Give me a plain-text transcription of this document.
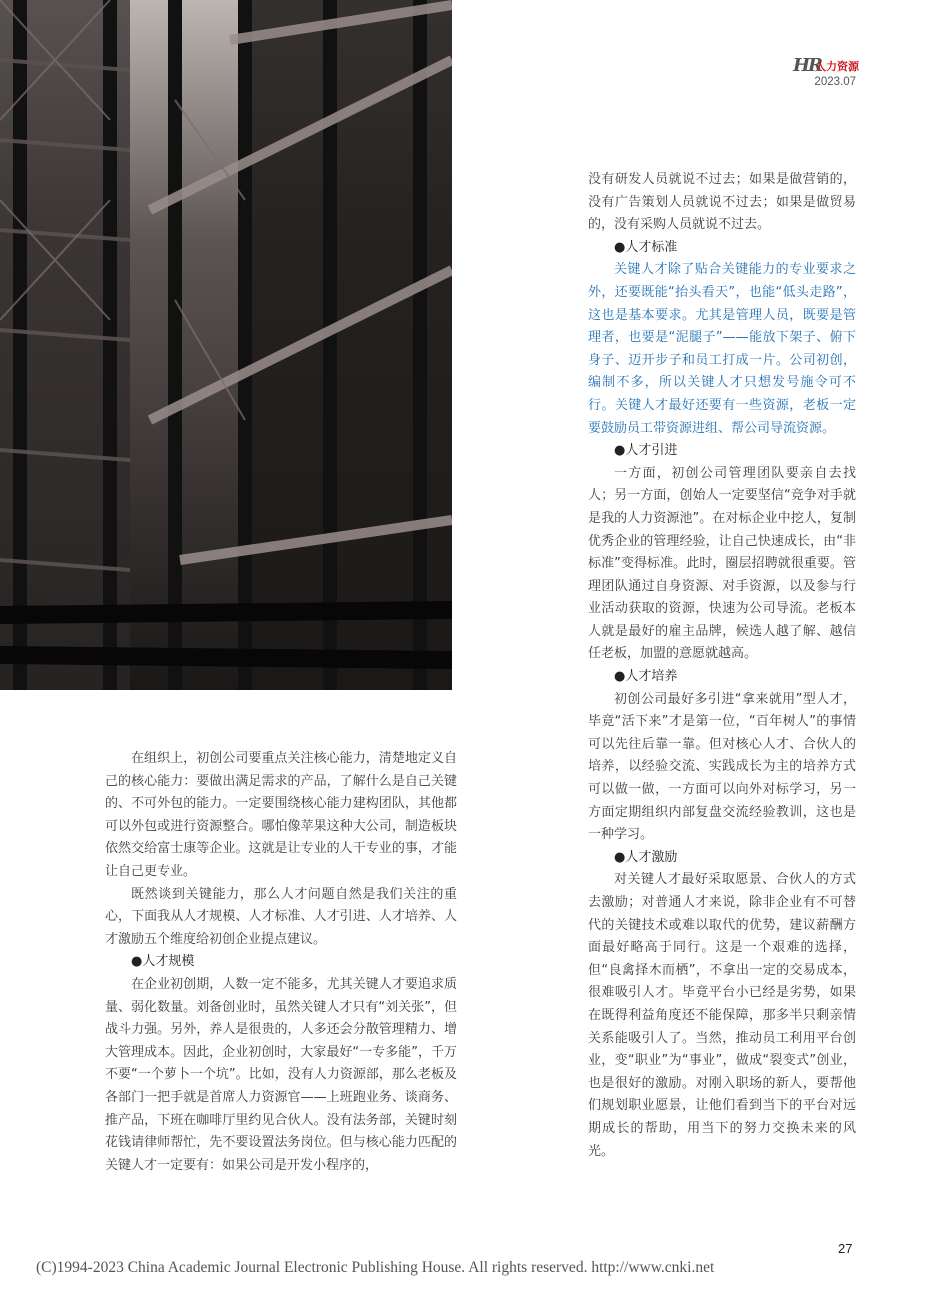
HR
人力资源
2023.07

在组织上，初创公司要重点关注核心能力，清楚地定义自己的核心能力：要做出满足需求的产品，了解什么是自己关键的、不可外包的能力。一定要围绕核心能力建构团队，其他都可以外包或进行资源整合。哪怕像苹果这种大公司，制造板块依然交给富士康等企业。这就是让专业的人干专业的事，才能让自己更专业。

既然谈到关键能力，那么人才问题自然是我们关注的重心，下面我从人才规模、人才标准、人才引进、人才培养、人才激励五个维度给初创企业提点建议。

●人才规模

在企业初创期，人数一定不能多，尤其关键人才要追求质量、弱化数量。刘备创业时，虽然关键人才只有“刘关张”，但战斗力强。另外，养人是很贵的，人多还会分散管理精力、增大管理成本。因此，企业初创时，大家最好“一专多能”，千万不要“一个萝卜一个坑”。比如，没有人力资源部，那么老板及各部门一把手就是首席人力资源官——上班跑业务、谈商务、推产品，下班在咖啡厅里约见合伙人。没有法务部，关键时刻花钱请律师帮忙，先不要设置法务岗位。但与核心能力匹配的关键人才一定要有：如果公司是开发小程序的，

没有研发人员就说不过去；如果是做营销的，没有广告策划人员就说不过去；如果是做贸易的，没有采购人员就说不过去。

●人才标准

关键人才除了贴合关键能力的专业要求之外，还要既能“抬头看天”，也能“低头走路”，这也是基本要求。尤其是管理人员，既要是管理者，也要是“泥腿子”——能放下架子、俯下身子、迈开步子和员工打成一片。公司初创，编制不多，所以关键人才只想发号施令可不行。关键人才最好还要有一些资源，老板一定要鼓励员工带资源进组、帮公司导流资源。

●人才引进

一方面，初创公司管理团队要亲自去找人；另一方面，创始人一定要坚信“竞争对手就是我的人力资源池”。在对标企业中挖人，复制优秀企业的管理经验，让自己快速成长，由“非标准”变得标准。此时，圈层招聘就很重要。管理团队通过自身资源、对手资源，以及参与行业活动获取的资源，快速为公司导流。老板本人就是最好的雇主品牌，候选人越了解、越信任老板，加盟的意愿就越高。

●人才培养

初创公司最好多引进“拿来就用”型人才，毕竟“活下来”才是第一位，“百年树人”的事情可以先往后靠一靠。但对核心人才、合伙人的培养，以经验交流、实践成长为主的培养方式可以做一做，一方面可以向外对标学习，另一方面定期组织内部复盘交流经验教训，这也是一种学习。

●人才激励

对关键人才最好采取愿景、合伙人的方式去激励；对普通人才来说，除非企业有不可替代的关键技术或难以取代的优势，建议薪酬方面最好略高于同行。这是一个艰难的选择，但“良禽择木而栖”，不拿出一定的交易成本，很难吸引人才。毕竟平台小已经是劣势，如果在既得利益角度还不能保障，那多半只剩亲情关系能吸引人了。当然，推动员工利用平台创业，变“职业”为“事业”，做成“裂变式”创业，也是很好的激励。对刚入职场的新人，要帮他们规划职业愿景，让他们看到当下的平台对远期成长的帮助，用当下的努力交换未来的风光。

27
(C)1994-2023 China Academic Journal Electronic Publishing House. All rights reserved. http://www.cnki.net
